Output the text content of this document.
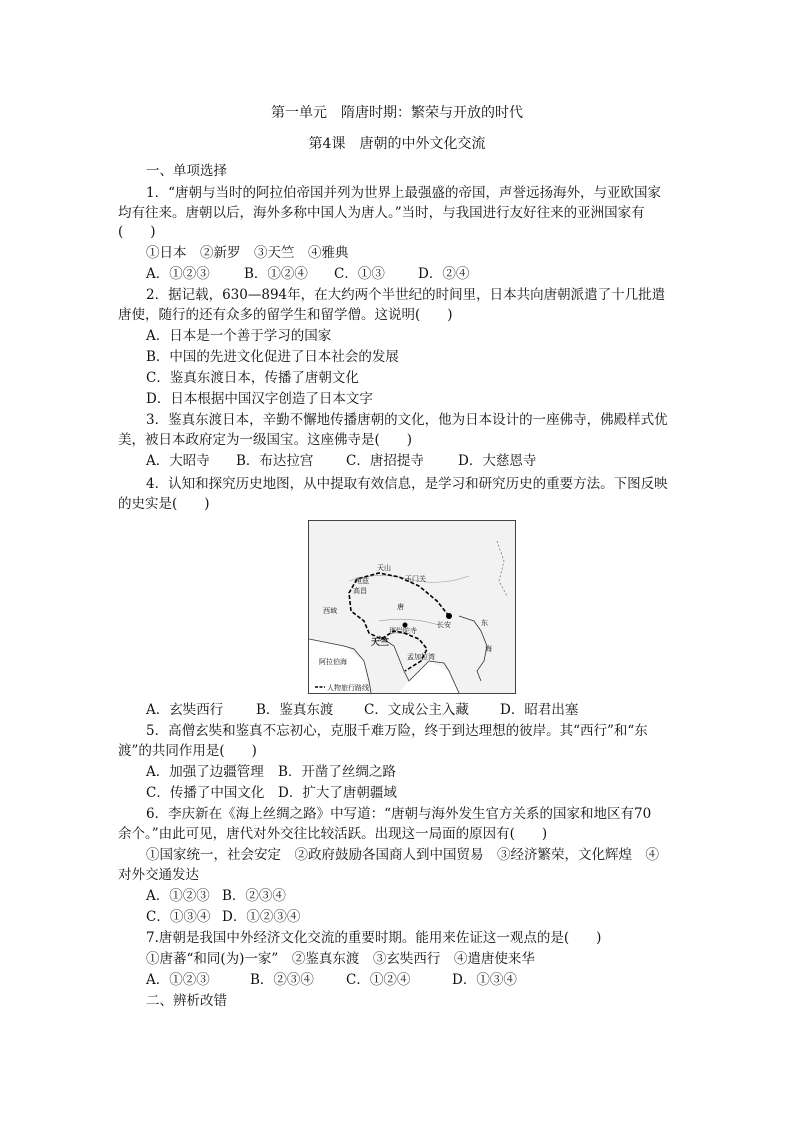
第一单元　隋唐时期：繁荣与开放的时代
第4课　唐朝的中外文化交流
一、单项选择
1．“唐朝与当时的阿拉伯帝国并列为世界上最强盛的帝国，声誉远扬海外，与亚欧国家
均有往来。唐朝以后，海外多称中国人为唐人。”当时，与我国进行友好往来的亚洲国家有
(　　)
①日本　②新罗　③天竺　④雅典
A．①②③	B．①②④ C．①③ D．②④
2．据记载，630—894年，在大约两个半世纪的时间里，日本共向唐朝派遣了十几批遣
唐使，随行的还有众多的留学生和留学僧。这说明(　　)
A．日本是一个善于学习的国家
B．中国的先进文化促进了日本社会的发展
C．鉴真东渡日本，传播了唐朝文化
D．日本根据中国汉字创造了日本文字
3．鉴真东渡日本，辛勤不懈地传播唐朝的文化，他为日本设计的一座佛寺，佛殿样式优
美，被日本政府定为一级国宝。这座佛寺是(　　)
A．大昭寺 B．布达拉宫 C．唐招提寺	D．大慈恩寺
4．认知和探究历史地图，从中提取有效信息，是学习和研究历史的重要方法。下图反映
的史实是(　　)
天山
龟兹	玉门关
高昌
西域	唐
长安	东
天竺
那烂陀寺
海
阿拉伯海
孟加拉湾
人物旅行路线
A．玄奘西行 B．鉴真东渡 C．文成公主入藏 D．昭君出塞
5．高僧玄奘和鉴真不忘初心，克服千难万险，终于到达理想的彼岸。其“西行”和“东
渡”的共同作用是(　　)
A．加强了边疆管理 B．开凿了丝绸之路
C．传播了中国文化 D．扩大了唐朝疆域
6．李庆新在《海上丝绸之路》中写道：“唐朝与海外发生官方关系的国家和地区有70
余个。”由此可见，唐代对外交往比较活跃。出现这一局面的原因有(　　)
①国家统一，社会安定　②政府鼓励各国商人到中国贸易　③经济繁荣，文化辉煌　④
对外交通发达
A．①②③ B．②③④
C．①③④ D．①②③④
7.唐朝是我国中外经济文化交流的重要时期。能用来佐证这一观点的是(　　)
①唐蕃“和同(为)一家”　②鉴真东渡　③玄奘西行　④遣唐使来华
A．①②③	B．②③④ C．①②④	D．①③④
二、辨析改错
